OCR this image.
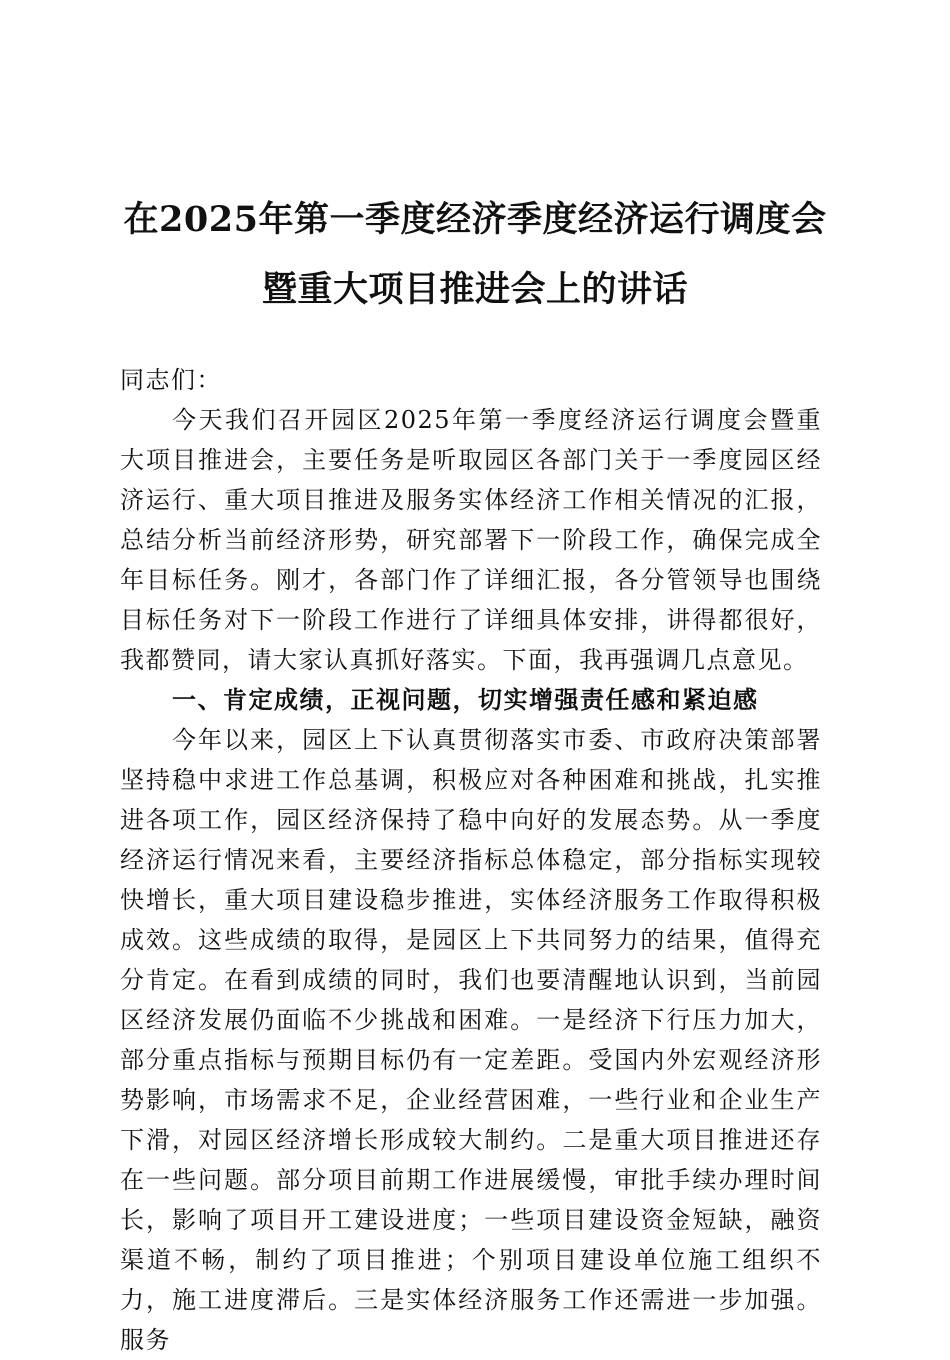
在2025年第一季度经济季度经济运行调度会
暨重大项目推进会上的讲话

同志们：

今天我们召开园区2025年第一季度经济运行调度会暨重大项目推进会，主要任务是听取园区各部门关于一季度园区经济运行、重大项目推进及服务实体经济工作相关情况的汇报，总结分析当前经济形势，研究部署下一阶段工作，确保完成全年目标任务。刚才，各部门作了详细汇报，各分管领导也围绕目标任务对下一阶段工作进行了详细具体安排，讲得都很好，我都赞同，请大家认真抓好落实。下面，我再强调几点意见。

一、肯定成绩，正视问题，切实增强责任感和紧迫感

今年以来，园区上下认真贯彻落实市委、市政府决策部署坚持稳中求进工作总基调，积极应对各种困难和挑战，扎实推进各项工作，园区经济保持了稳中向好的发展态势。从一季度经济运行情况来看，主要经济指标总体稳定，部分指标实现较快增长，重大项目建设稳步推进，实体经济服务工作取得积极成效。这些成绩的取得，是园区上下共同努力的结果，值得充分肯定。在看到成绩的同时，我们也要清醒地认识到，当前园区经济发展仍面临不少挑战和困难。一是经济下行压力加大，部分重点指标与预期目标仍有一定差距。受国内外宏观经济形势影响，市场需求不足，企业经营困难，一些行业和企业生产下滑，对园区经济增长形成较大制约。二是重大项目推进还存在一些问题。部分项目前期工作进展缓慢，审批手续办理时间长，影响了项目开工建设进度；一些项目建设资金短缺，融资渠道不畅，制约了项目推进；个别项目建设单位施工组织不力，施工进度滞后。三是实体经济服务工作还需进一步加强。服务
